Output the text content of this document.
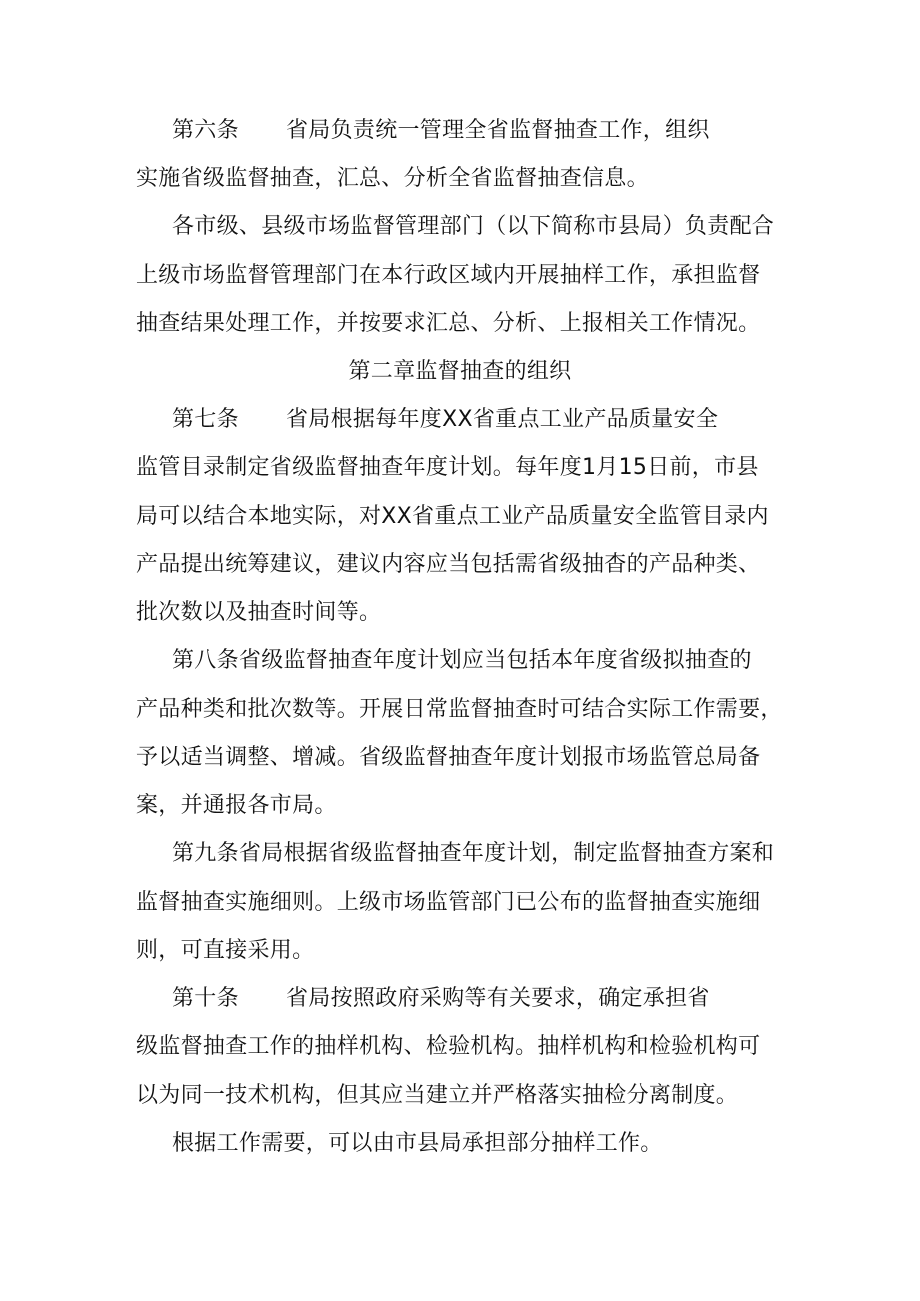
第六条 省局负责统一管理全省监督抽查工作，组织
实施省级监督抽查，汇总、分析全省监督抽查信息。
各市级、县级市场监督管理部门（以下简称市县局）负责配合
上级市场监督管理部门在本行政区域内开展抽样工作，承担监督
抽查结果处理工作，并按要求汇总、分析、上报相关工作情况。
第二章监督抽查的组织
第七条 省局根据每年度XX省重点工业产品质量安全
监管目录制定省级监督抽查年度计划。每年度1月15日前，市县
局可以结合本地实际，对XX省重点工业产品质量安全监管目录内
产品提出统筹建议，建议内容应当包括需省级抽杳的产品种类、
批次数以及抽查时间等。
第八条省级监督抽查年度计划应当包括本年度省级拟抽查的
产品种类和批次数等。开展日常监督抽查时可结合实际工作需要，
予以适当调整、增减。省级监督抽查年度计划报市场监管总局备
案，并通报各市局。
第九条省局根据省级监督抽查年度计划，制定监督抽查方案和
监督抽查实施细则。上级市场监管部门已公布的监督抽查实施细
则，可直接采用。
第十条 省局按照政府采购等有关要求，确定承担省
级监督抽查工作的抽样机构、检验机构。抽样机构和检验机构可
以为同一技术机构，但其应当建立并严格落实抽检分离制度。
根据工作需要，可以由市县局承担部分抽样工作。
